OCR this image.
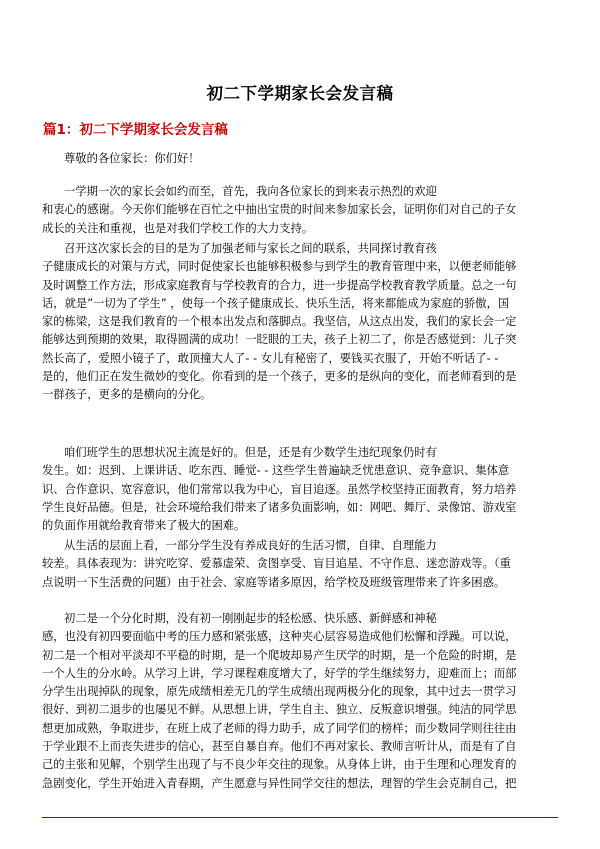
初二下学期家长会发言稿
篇1：初二下学期家长会发言稿
尊敬的各位家长：你们好！
一学期一次的家长会如约而至，首先，我向各位家长的到来表示热烈的欢迎
和衷心的感谢。今天你们能够在百忙之中抽出宝贵的时间来参加家长会，证明你们对自己的子女
成长的关注和重视，也是对我们学校工作的大力支持。
召开这次家长会的目的是为了加强老师与家长之间的联系，共同探讨教育孩
子健康成长的对策与方式，同时促使家长也能够积极参与到学生的教育管理中来，以便老师能够
及时调整工作方法，形成家庭教育与学校教育的合力，进一步提高学校教育教学质量。总之一句
话，就是”一切为了学生” ，使每一个孩子健康成长、快乐生活，将来都能成为家庭的骄傲，国
家的栋梁，这是我们教育的一个根本出发点和落脚点。我坚信，从这点出发，我们的家长会一定
能够达到预期的效果，取得圆满的成功！一眨眼的工夫，孩子上初二了，你是否感觉到：儿子突
然长高了，爱照小镜子了，敢顶撞大人了- - 女儿有秘密了，要钱买衣服了，开始不听话了- -
是的，他们正在发生微妙的变化。你看到的是一个孩子，更多的是纵向的变化，而老师看到的是
一群孩子，更多的是横向的分化。
咱们班学生的思想状况主流是好的。但是，还是有少数学生违纪现象仍时有
发生。如：迟到、上课讲话、吃东西、睡觉- - 这些学生普遍缺乏忧患意识、竞争意识、集体意
识、合作意识、宽容意识，他们常常以我为中心，盲目追逐。虽然学校坚持正面教育，努力培养
学生良好品德。但是，社会环境给我们带来了诸多负面影响，如：网吧、舞厅、录像馆、游戏室
的负面作用就给教育带来了极大的困难。
从生活的层面上看，一部分学生没有养成良好的生活习惯，自律、自理能力
较差。具体表现为：讲究吃穿、爱慕虚荣、贪图享受、盲目追星、不守作息、迷恋游戏等。（重
点说明一下生活费的问题）由于社会、家庭等诸多原因，给学校及班级管理带来了许多困惑。
初二是一个分化时期，没有初一刚刚起步的轻松感、快乐感、新鲜感和神秘
感，也没有初四要面临中考的压力感和紧张感，这种夹心层容易造成他们松懈和浮躁。可以说，
初二是一个相对平淡却不平稳的时期，是一个爬坡却易产生厌学的时期，是一个危险的时期，是
一个人生的分水岭。从学习上讲，学习课程难度增大了，好学的学生继续努力，迎难而上；而部
分学生出现掉队的现象，原先成绩相差无几的学生成绩出现两极分化的现象，其中过去一贯学习
很好、到初二退步的也屡见不鲜。从思想上讲，学生自主、独立、反叛意识增强。纯洁的同学思
想更加成熟，争取进步，在班上成了老师的得力助手，成了同学们的榜样；而少数同学则往往由
于学业跟不上而丧失进步的信心，甚至自暴自弃。他们不再对家长、教师言听计从，而是有了自
己的主张和见解，个别学生出现了与不良少年交往的现象。从身体上讲，由于生理和心理发育的
急剧变化，学生开始进入青春期，产生愿意与异性同学交往的想法，理智的学生会克制自己，把
